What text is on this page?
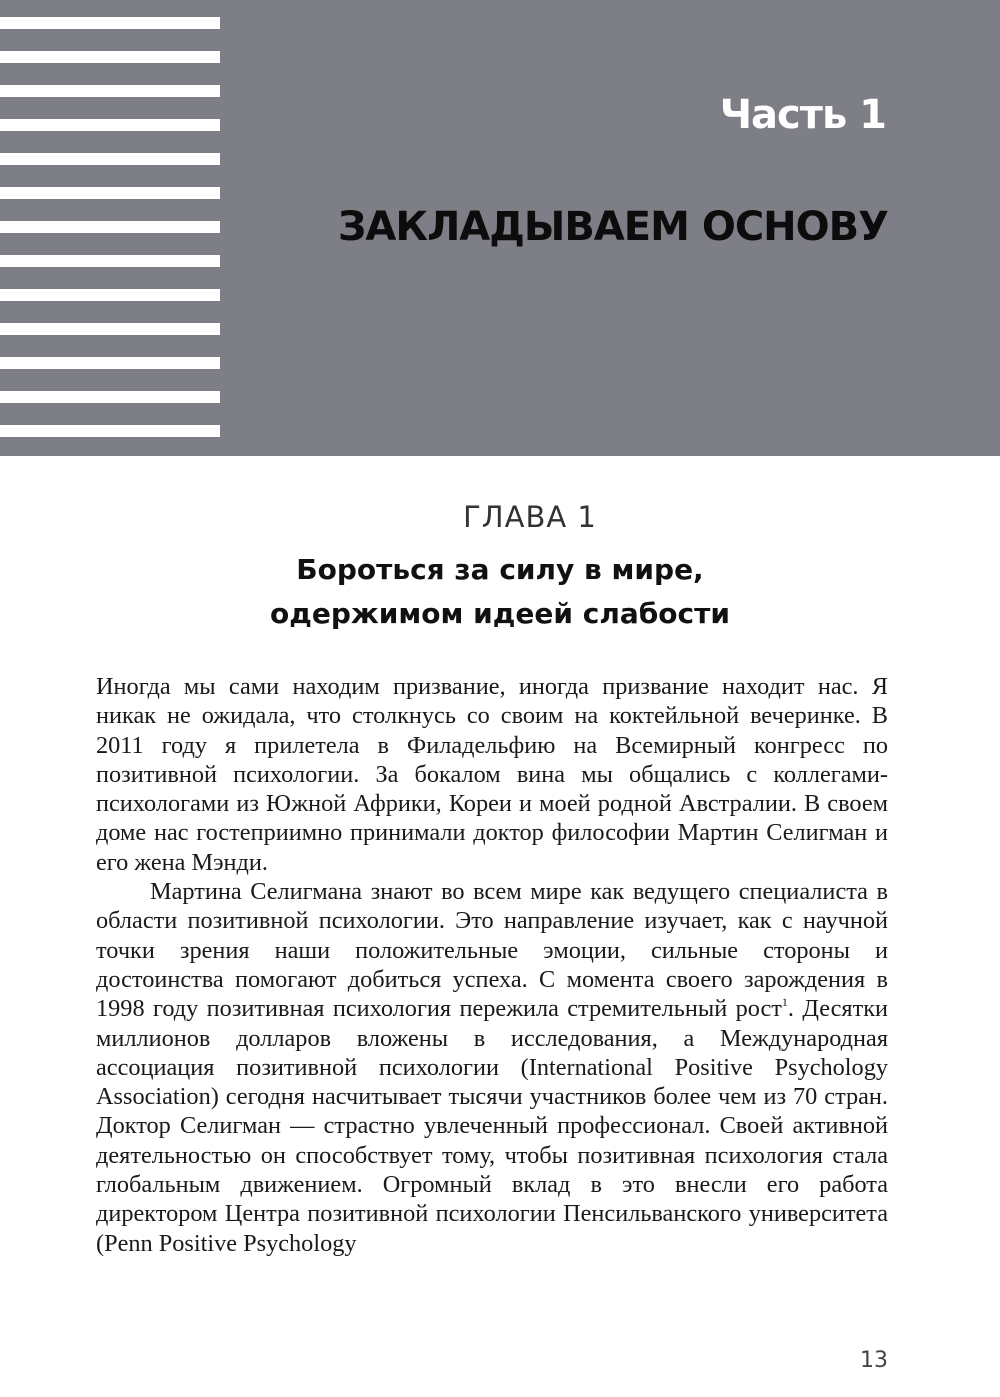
Часть 1
ЗАКЛАДЫВАЕМ ОСНОВУ
ГЛАВА 1
Бороться за силу в мире,
одержимом идеей слабости

Иногда мы сами находим призвание, иногда призвание находит нас. Я никак не ожидала, что столкнусь со своим на коктейльной вечеринке. В 2011 году я прилетела в Филадельфию на Всемирный конгресс по позитивной психологии. За бокалом вина мы общались с коллегами-психологами из Южной Африки, Кореи и моей родной Австралии. В своем доме нас гостеприимно принимали доктор философии Мартин Селигман и его жена Мэнди.

Мартина Селигмана знают во всем мире как ведущего специалиста в области позитивной психологии. Это направление изучает, как с научной точки зрения наши положительные эмоции, сильные стороны и достоинства помогают добиться успеха. С момента своего зарождения в 1998 году позитивная психология пережила стремительный рост$^1$. Десятки миллионов долларов вложены в исследования, а Международная ассоциация позитивной психологии (International Positive Psychology Association) сегодня насчитывает тысячи участников более чем из 70 стран. Доктор Селигман — страстно увлеченный профессионал. Своей активной деятельностью он способствует тому, чтобы позитивная психология стала глобальным движением. Огромный вклад в это внесли его работа директором Центра позитивной психологии Пенсильванского университета (Penn Positive Psychology

13
